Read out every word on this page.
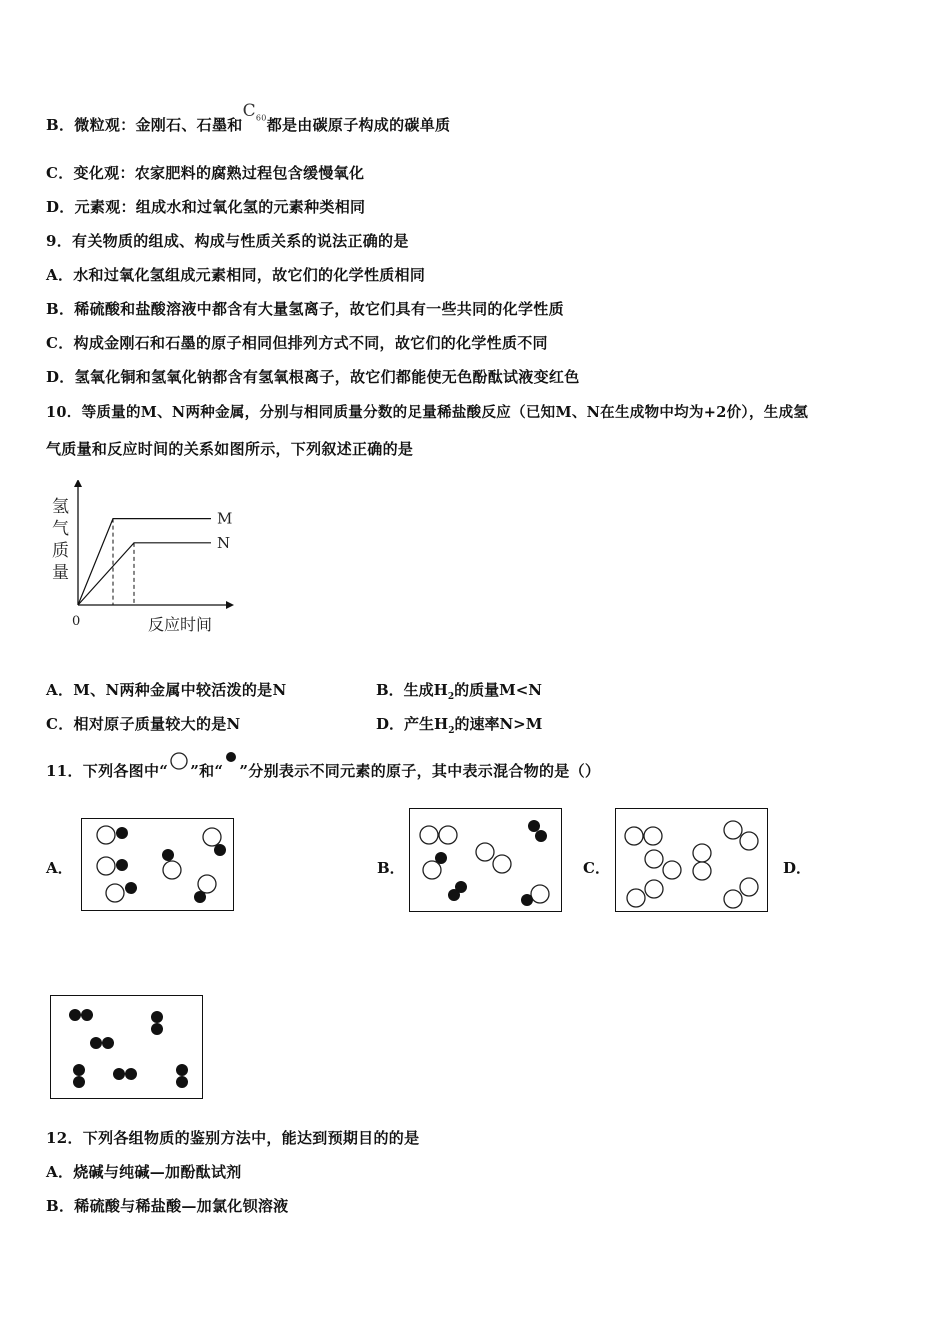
B．微粒观：金刚石、石墨和$C_{60}$都是由碳原子构成的碳单质
C．变化观：农家肥料的腐熟过程包含缓慢氧化
D．元素观：组成水和过氧化氢的元素种类相同
9．有关物质的组成、构成与性质关系的说法正确的是
A．水和过氧化氢组成元素相同，故它们的化学性质相同
B．稀硫酸和盐酸溶液中都含有大量氢离子，故它们具有一些共同的化学性质
C．构成金刚石和石墨的原子相同但排列方式不同，故它们的化学性质不同
D．氢氧化铜和氢氧化钠都含有氢氧根离子，故它们都能使无色酚酞试液变红色
10．等质量的M、N两种金属，分别与相同质量分数的足量稀盐酸反应（已知M、N在生成物中均为+2价），生成氢
气质量和反应时间的关系如图所示，下列叙述正确的是
M
N
氢
气
质
量
反应时间
0
A．M、N两种金属中较活泼的是N	B．生成$H_2$的质量M<N
C．相对原子质量较大的是N	D．产生$H_2$的速率N>M
11．下列各图中“ ”和“ ”分别表示不同元素的原子，其中表示混合物的是（）
A．	B．	C．	D．
12．下列各组物质的鉴别方法中，能达到预期目的的是
A．烧碱与纯碱—加酚酞试剂
B．稀硫酸与稀盐酸—加氯化钡溶液
